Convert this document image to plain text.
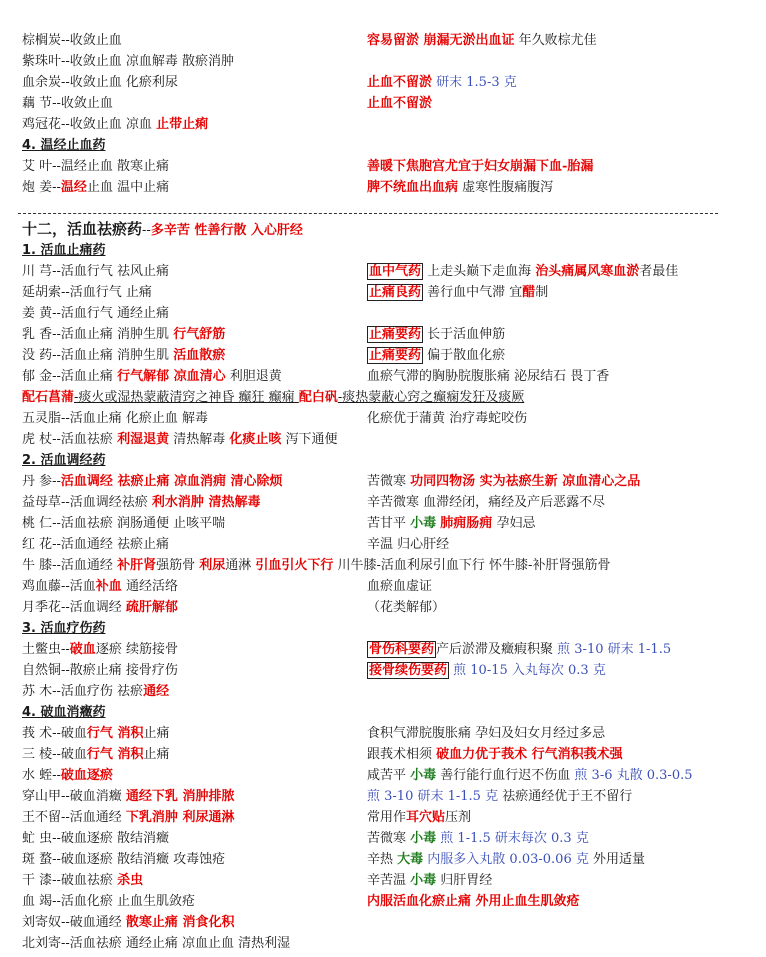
棕榈炭--收敛止血	容易留淤 崩漏无淤出血证 年久败棕尤佳
紫珠叶--收敛止血 凉血解毒 散瘀消肿
血余炭--收敛止血 化瘀利尿	止血不留淤 研末 1.5-3 克
藕 节--收敛止血	止血不留淤
鸡冠花--收敛止血 凉血 止带止痢
4. 温经止血药
艾 叶--温经止血 散寒止痛	善暖下焦胞宫尤宜于妇女崩漏下血-胎漏
炮 姜--温经止血 温中止痛	脾不统血出血病 虚寒性腹痛腹泻
十二，活血祛瘀药--多辛苦 性善行散 入心肝经
1. 活血止痛药
川 芎--活血行气 祛风止痛	血中气药 上走头巅下走血海 治头痛属风寒血淤者最佳
延胡索--活血行气 止痛	止痛良药 善行血中气滞 宜醋制
姜 黄--活血行气 通经止痛
乳 香--活血止痛 消肿生肌 行气舒筋	止痛要药 长于活血伸筋
没 药--活血止痛 消肿生肌 活血散瘀	止痛要药 偏于散血化瘀
郁 金--活血止痛 行气解郁 凉血清心 利胆退黄	血瘀气滞的胸胁脘腹胀痛 泌尿结石 畏丁香
配石菖蒲-痰火或湿热蒙蔽清窍之神昏 癫狂 癫痫 配白矾-痰热蒙蔽心窍之癫痫发狂及痰厥
五灵脂--活血止痛 化瘀止血 解毒	化瘀优于蒲黄 治疗毒蛇咬伤
虎 杖--活血祛瘀 利湿退黄 清热解毒 化痰止咳 泻下通便
2. 活血调经药
丹 参--活血调经 祛瘀止痛 凉血消痈 清心除烦	苦微寒 功同四物汤 实为祛瘀生新 凉血清心之品
益母草--活血调经祛瘀 利水消肿 清热解毒	辛苦微寒 血滞经闭，痛经及产后恶露不尽
桃 仁--活血祛瘀 润肠通便 止咳平喘	苦甘平 小毒 肺痈肠痈 孕妇忌
红 花--活血通经 祛瘀止痛	辛温 归心肝经
牛 膝--活血通经 补肝肾强筋骨 利尿通淋 引血引火下行 川牛膝-活血利尿引血下行 怀牛膝-补肝肾强筋骨
鸡血藤--活血补血 通经活络	血瘀血虚证
月季花--活血调经 疏肝解郁	（花类解郁）
3. 活血疗伤药
土鳖虫--破血逐瘀 续筋接骨	骨伤科要药 产后淤滞及癥瘕积聚 煎 3-10 研末 1-1.5
自然铜--散瘀止痛 接骨疗伤	接骨续伤要药 煎 10-15 入丸每次 0.3 克
苏 木--活血疗伤 祛瘀通经
4. 破血消癥药
莪 术--破血行气 消积止痛	食积气滞脘腹胀痛 孕妇及妇女月经过多忌
三 棱--破血行气 消积止痛	跟莪术相须 破血力优于莪术 行气消积莪术强
水 蛭--破血逐瘀	咸苦平 小毒 善行能行血行迟不伤血 煎 3-6 丸散 0.3-0.5
穿山甲--破血消癥 通经下乳 消肿排脓	煎 3-10 研末 1-1.5 克 祛瘀通经优于王不留行
王不留--活血通经 下乳消肿 利尿通淋	常用作耳穴贴压剂
虻 虫--破血逐瘀 散结消癥	苦微寒 小毒 煎 1-1.5 研末每次 0.3 克
斑 蝥--破血逐瘀 散结消癥 攻毒蚀疮	辛热 大毒 内服多入丸散 0.03-0.06 克 外用适量
干 漆--破血祛瘀 杀虫	辛苦温 小毒 归肝胃经
血 竭--活血化瘀 止血生肌敛疮	内服活血化瘀止痛 外用止血生肌敛疮
刘寄奴--破血通经 散寒止痛 消食化积
北刘寄--活血祛瘀 通经止痛 凉血止血 清热利湿
